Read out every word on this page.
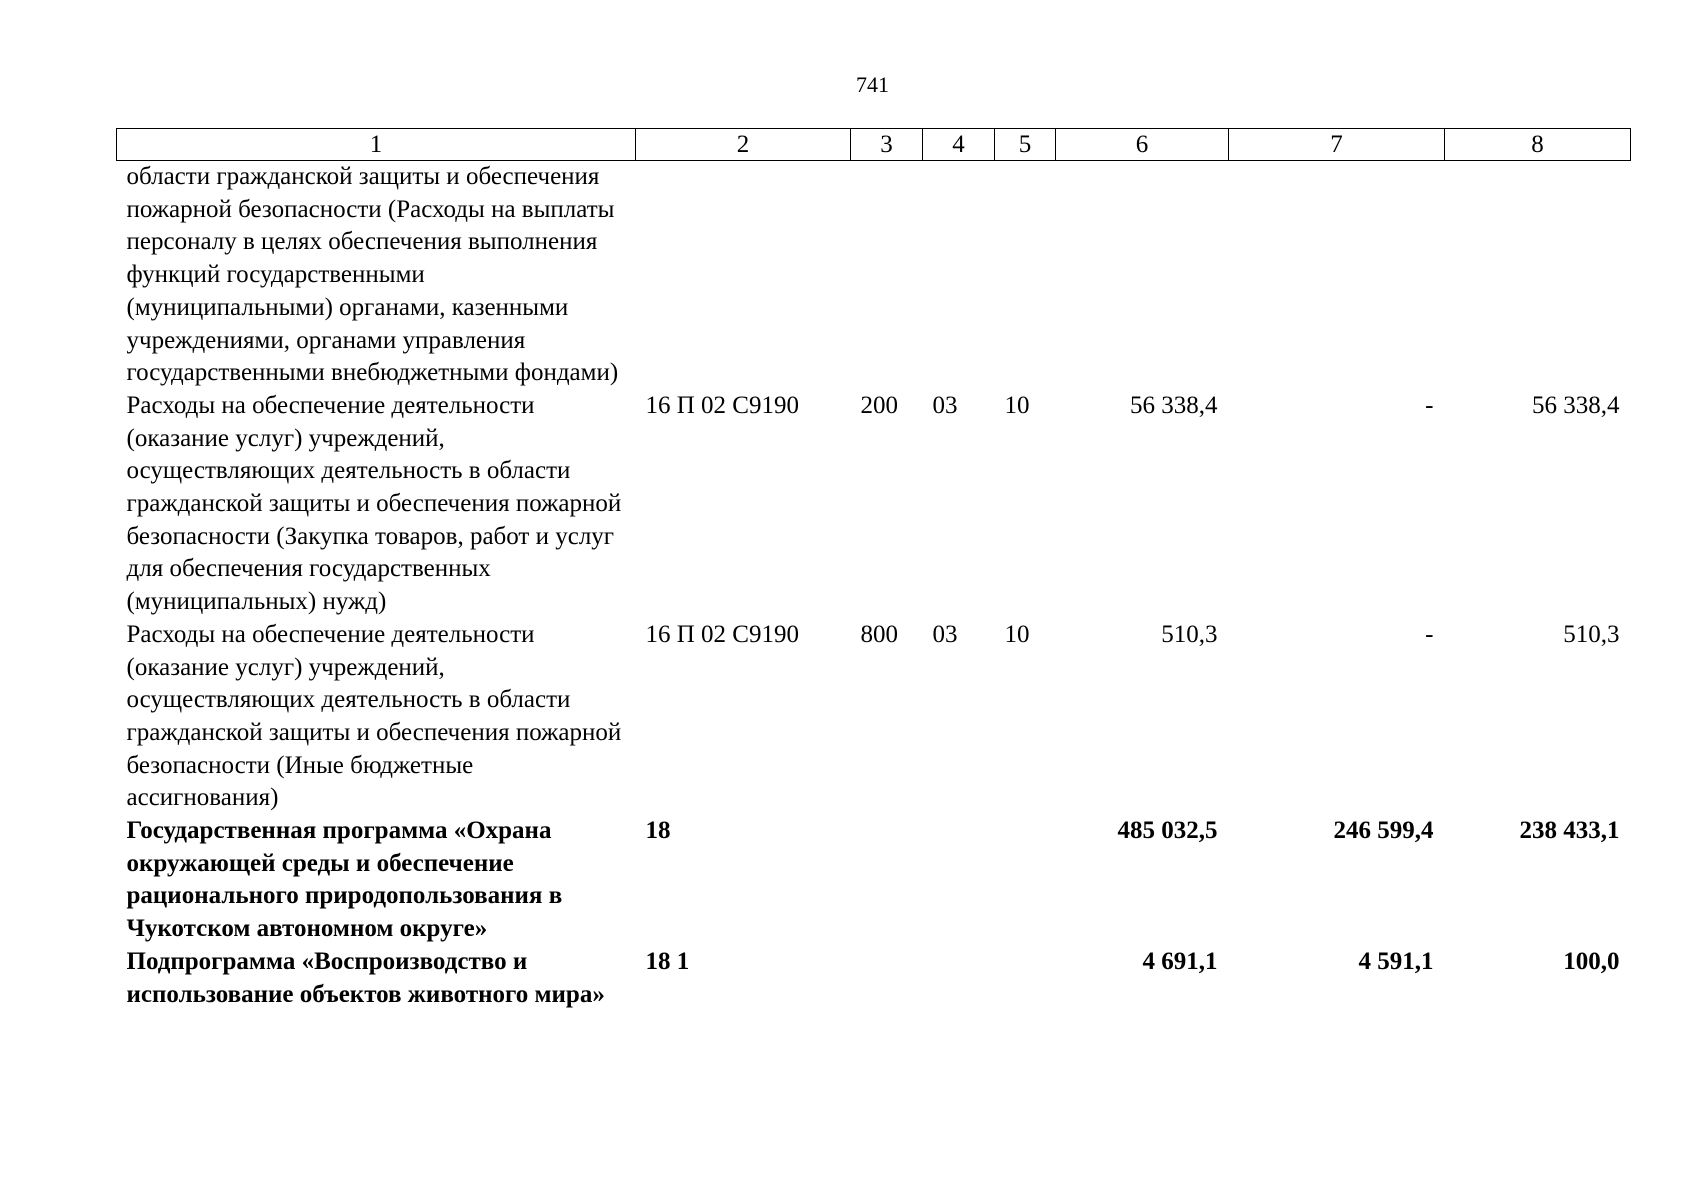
741
1	2	3	4	5	6	7	8
области гражданской защиты и обеспечения пожарной безопасности (Расходы на выплаты персоналу в целях обеспечения выполнения функций государственными (муниципальными) органами, казенными учреждениями, органами управления государственными внебюджетными фондами)							
Расходы на обеспечение деятельности (оказание услуг) учреждений, осуществляющих деятельность в области гражданской защиты и обеспечения пожарной безопасности (Закупка товаров, работ и услуг для обеспечения государственных (муниципальных) нужд)	16 П 02 С9190	200	03	10	56 338,4	-	56 338,4
Расходы на обеспечение деятельности (оказание услуг) учреждений, осуществляющих деятельность в области гражданской защиты и обеспечения пожарной безопасности (Иные бюджетные ассигнования)	16 П 02 С9190	800	03	10	510,3	-	510,3
Государственная программа «Охрана окружающей среды и обеспечение рационального природопользования в Чукотском автономном округе»	18				485 032,5	246 599,4	238 433,1
Подпрограмма «Воспроизводство и использование объектов животного мира»	18 1				4 691,1	4 591,1	100,0
